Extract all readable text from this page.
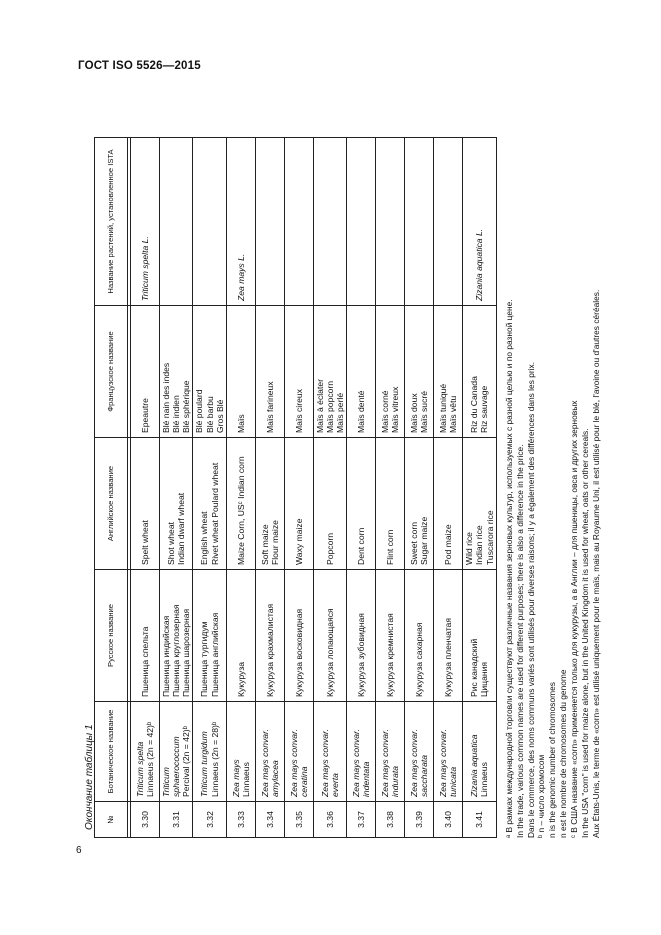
ГОСТ ISO 5526—2015
Окончание таблицы 1
6
№	Ботаническое название	Русское название	Английское название	Французское название	Название растений, установленное ISTA

3.30	Triticum spelta Linnaeus (2n = 42)ᵇ	Пшеница спельта	Spelt wheat	Epeautre	Triticum spelta L.
3.31	Triticum sphaerococcum Percival (2n = 42)ᵇ	Пшеница индийская Пшеница круглозерная Пшеница шарозерная	Shot wheat Indian dwarf wheat	Blé nain des indes Blé indien Blé sphérique	

3.32	Triticum turgidum Linnaeus (2n = 28)ᵇ	Пшеница тургидум Пшеница английская	English wheat Rivet wheat Poulard wheat	Blé poulard Blé barbu Gros Blé	

3.33	Zea mays Linnaeus	Кукуруза	Maize Corn, USᶜ Indian corn	Maïs	Zea mays L.
3.34	Zea mays convar. amylacea	Кукуруза крахмалистая	Soft maize Flour maize	Maïs farineux	

3.35	Zea mays convar. ceratina	Кукуруза восковидная	Waxy maize	Maïs cireux	

3.36	Zea mays convar. everta	Кукуруза лопающаяся	Popcorn	Maïs à éclater Maïs popcorn Maïs perlé	

3.37	Zea mays convar. indentata	Кукуруза зубовидная	Dent corn	Maïs denté	

3.38	Zea mays convar. indurata	Кукуруза кремнистая	Flint corn	Maïs corné Maïs vitreux	

3.39	Zea mays convar. saccharata	Кукуруза сахарная	Sweet corn Sugar maize	Maïs doux Maïs sucré	

3.40	Zea mays convar. tunicata	Кукуруза пленчатая	Pod maize	Maïs tuniqué Maïs vêtu	

3.41	Zizania aquatica Linnaeus	Рис канадский Цицания	Wild rice Indian rice Tuscarora rice	Riz du Canada Riz sauvage	Zizania aquatica L.
ᵃ В рамках международной торговли существуют различные названия зерновых культур, используемых с разной целью и по разной цене. In the trade, various common names are used for different purposes; there is also a difference in the price. Dans le commerce, des noms communs variés sont utilisés pour diverses raisons; il y a également des différences dans les prix. ᵇ n – число хромосом n is the genomic number of chromosomes n est le nombre de chromosomes du genome ᶜ В США название «corn» применяется только для кукурузы, а в Англии – для пшеницы, овса и других зерновых In the USA "corn" is used for maize alone, but in the United Kingdom it is used for wheat, oats or other cereals. Aux États-Unis, le terme de «corn» est utilisé uniquement pour le maïs, mais au Royaume Uni, il est utilisé pour le blé, l'avoine ou d'autres céréales.
